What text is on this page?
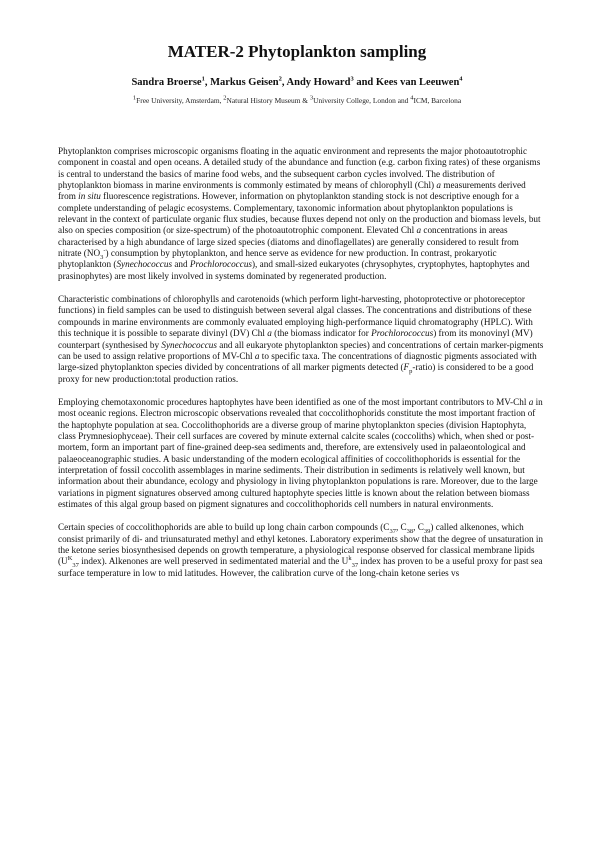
MATER-2 Phytoplankton sampling
Sandra Broerse$^1$, Markus Geisen$^2$, Andy Howard$^3$ and Kees van Leeuwen$^4$
$^1$Free University, Amsterdam, $^2$Natural History Museum & $^3$University College, London and $^4$ICM, Barcelona

Phytoplankton comprises microscopic organisms floating in the aquatic environment and represents the major photoautotrophic component in coastal and open oceans. A detailed study of the abundance and function (e.g. carbon fixing rates) of these organisms is central to understand the basics of marine food webs, and the subsequent carbon cycles involved. The distribution of phytoplankton biomass in marine environments is commonly estimated by means of chlorophyll (Chl) a measurements derived from in situ fluorescence registrations. However, information on phytoplankton standing stock is not descriptive enough for a complete understanding of pelagic ecosystems. Complementary, taxonomic information about phytoplankton populations is relevant in the context of particulate organic flux studies, because fluxes depend not only on the production and biomass levels, but also on species composition (or size-spectrum) of the photoautotrophic component. Elevated Chl a concentrations in areas characterised by a high abundance of large sized species (diatoms and dinoflagellates) are generally considered to result from nitrate $(NO_3^-)$ consumption by phytoplankton, and hence serve as evidence for new production. In contrast, prokaryotic phytoplankton (Synechococcus and Prochlorococcus), and small-sized eukaryotes (chrysophytes, cryptophytes, haptophytes and prasinophytes) are most likely involved in systems dominated by regenerated production.

Characteristic combinations of chlorophylls and carotenoids (which perform light-harvesting, photoprotective or photoreceptor functions) in field samples can be used to distinguish between several algal classes. The concentrations and distributions of these compounds in marine environments are commonly evaluated employing high-performance liquid chromatography (HPLC). With this technique it is possible to separate divinyl (DV) Chl a (the biomass indicator for Prochlorococcus) from its monovinyl (MV) counterpart (synthesised by Synechococcus and all eukaryote phytoplankton species) and concentrations of certain marker-pigments can be used to assign relative proportions of MV-Chl a to specific taxa. The concentrations of diagnostic pigments associated with large-sized phytoplankton species divided by concentrations of all marker pigments detected $(F_p-ratio)$ is considered to be a good proxy for new production:total production ratios.

Employing chemotaxonomic procedures haptophytes have been identified as one of the most important contributors to MV-Chl a in most oceanic regions. Electron microscopic observations revealed that coccolithophorids constitute the most important fraction of the haptophyte population at sea. Coccolithophorids are a diverse group of marine phytoplankton species (division Haptophyta, class Prymnesiophyceae). Their cell surfaces are covered by minute external calcite scales (coccoliths) which, when shed or post-mortem, form an important part of fine-grained deep-sea sediments and, therefore, are extensively used in palaeontological and palaeoceanographic studies. A basic understanding of the modern ecological affinities of coccolithophorids is essential for the interpretation of fossil coccolith assemblages in marine sediments. Their distribution in sediments is relatively well known, but information about their abundance, ecology and physiology in living phytoplankton populations is rare. Moreover, due to the large variations in pigment signatures observed among cultured haptophyte species little is known about the relation between biomass estimates of this algal group based on pigment signatures and coccolithophorids cell numbers in natural environments.

Certain species of coccolithophorids are able to build up long chain carbon compounds ($C_{37}$, $C_{38}$, $C_{39}$) called alkenones, which consist primarily of di- and triunsaturated methyl and ethyl ketones. Laboratory experiments show that the degree of unsaturation in the ketone series biosynthesised depends on growth temperature, a physiological response observed for classical membrane lipids ($U^K_{37}$ index). Alkenones are well preserved in sedimentated material and the $U^k_{37}$ index has proven to be a useful proxy for past sea surface temperature in low to mid latitudes. However, the calibration curve of the long-chain ketone series vs
